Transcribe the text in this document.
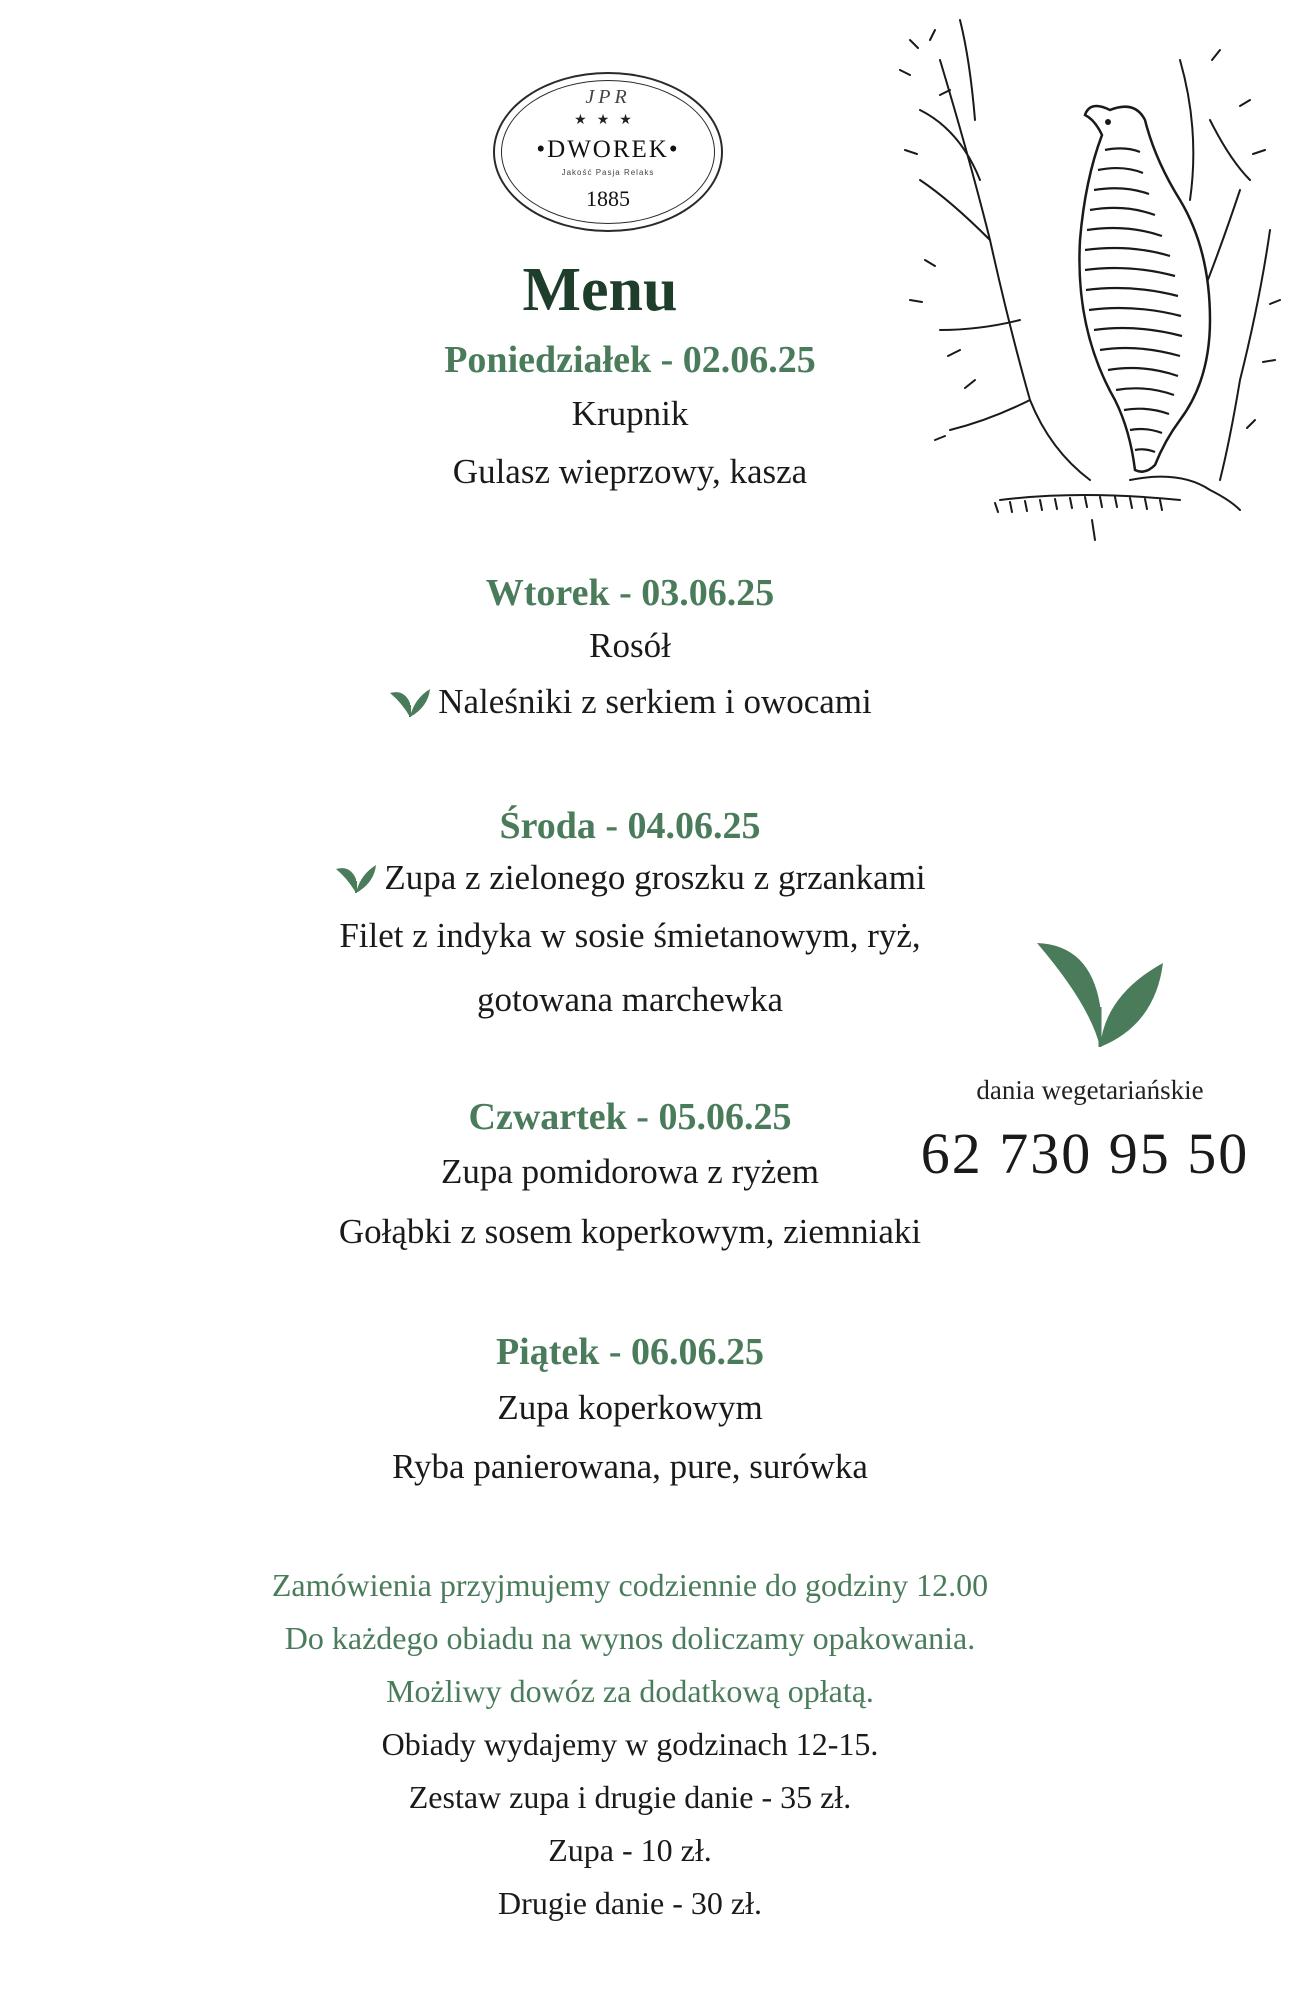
JPR
★★★
•DWOREK•
Jakość Pasja Relaks
1885
Menu
Poniedziałek - 02.06.25
Krupnik
Gulasz wieprzowy, kasza
Wtorek - 03.06.25
Rosół
Naleśniki z serkiem i owocami
Środa - 04.06.25
Zupa z zielonego groszku z grzankami
Filet z indyka w sosie śmietanowym, ryż,
gotowana marchewka
Czwartek - 05.06.25
Zupa pomidorowa z ryżem
Gołąbki z sosem koperkowym, ziemniaki
Piątek - 06.06.25
Zupa koperkowym
Ryba panierowana, pure, surówka
dania wegetariańskie
62 730 95 50
Zamówienia przyjmujemy codziennie do godziny 12.00
Do każdego obiadu na wynos doliczamy opakowania.
Możliwy dowóz za dodatkową opłatą.
Obiady wydajemy w godzinach 12-15.
Zestaw zupa i drugie danie - 35 zł.
Zupa - 10 zł.
Drugie danie - 30 zł.
